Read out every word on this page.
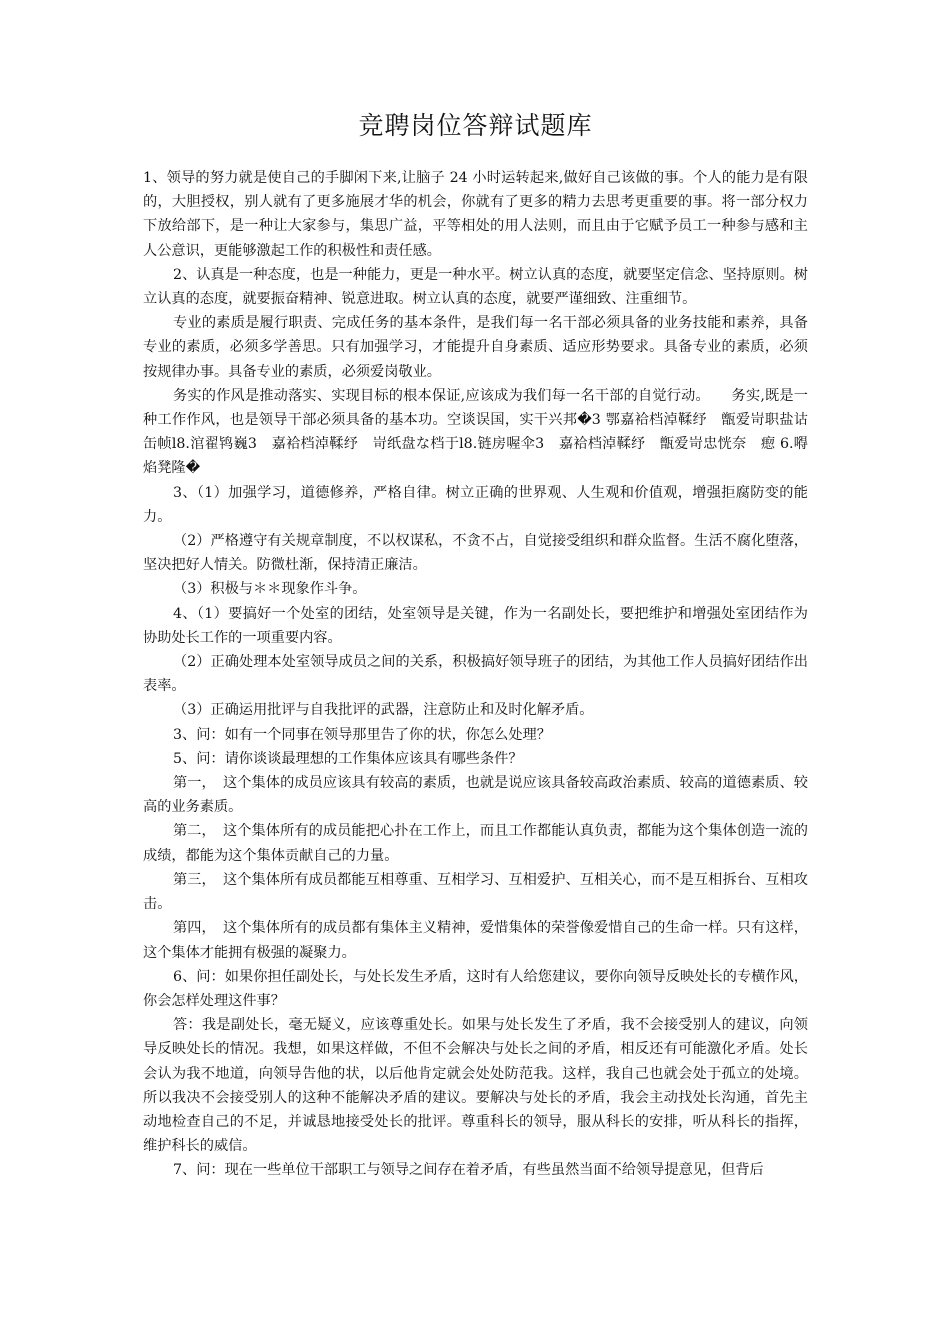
竞聘岗位答辩试题库

1、领导的努力就是使自己的手脚闲下来,让脑子 24 小时运转起来,做好自己该做的事。个人的能力是有限的，大胆授权，别人就有了更多施展才华的机会，你就有了更多的精力去思考更重要的事。将一部分权力下放给部下，是一种让大家参与，集思广益，平等相处的用人法则，而且由于它赋予员工一种参与感和主人公意识，更能够激起工作的积极性和责任感。

2、认真是一种态度，也是一种能力，更是一种水平。树立认真的态度，就要坚定信念、坚持原则。树立认真的态度，就要振奋精神、锐意进取。树立认真的态度，就要严谨细致、注重细节。

专业的素质是履行职责、完成任务的基本条件，是我们每一名干部必须具备的业务技能和素养，具备专业的素质，必须多学善思。只有加强学习，才能提升自身素质、适应形势要求。具备专业的素质，必须按规律办事。具备专业的素质，必须爱岗敬业。

务实的作风是推动落实、实现目标的根本保证,应该成为我们每一名干部的自觉行动。　　务实,既是一种工作作风，也是领导干部必须具备的基本功。空谈误国，实干兴邦�3 鄂嘉袷档淖鞣纾　甑爱岢职盐诂缶帧l8.涫翟鸨巍3　嘉袷档淖鞣纾　岢纸盘な档于l8.链房喔伞3　嘉袷档淖鞣纾　甑爱岢忠恍奈　瘛 6.嘚焰凳隆�

3、（1）加强学习，道德修养，严格自律。树立正确的世界观、人生观和价值观，增强拒腐防变的能力。

（2）严格遵守有关规章制度，不以权谋私，不贪不占，自觉接受组织和群众监督。生活不腐化堕落，坚决把好人情关。防微杜渐，保持清正廉洁。

（3）积极与＊＊现象作斗争。

4、（1）要搞好一个处室的团结，处室领导是关键，作为一名副处长，要把维护和增强处室团结作为协助处长工作的一项重要内容。

（2）正确处理本处室领导成员之间的关系，积极搞好领导班子的团结，为其他工作人员搞好团结作出表率。

（3）正确运用批评与自我批评的武器，注意防止和及时化解矛盾。

3、问：如有一个同事在领导那里告了你的状，你怎么处理？

5、问：请你谈谈最理想的工作集体应该具有哪些条件？

第一，　这个集体的成员应该具有较高的素质，也就是说应该具备较高政治素质、较高的道德素质、较高的业务素质。

第二，　这个集体所有的成员能把心扑在工作上，而且工作都能认真负责，都能为这个集体创造一流的成绩，都能为这个集体贡献自己的力量。

第三，　这个集体所有成员都能互相尊重、互相学习、互相爱护、互相关心，而不是互相拆台、互相攻击。

第四，　这个集体所有的成员都有集体主义精神，爱惜集体的荣誉像爱惜自己的生命一样。只有这样，这个集体才能拥有极强的凝聚力。

6、问：如果你担任副处长，与处长发生矛盾，这时有人给您建议，要你向领导反映处长的专横作风，你会怎样处理这件事？

答：我是副处长，毫无疑义，应该尊重处长。如果与处长发生了矛盾，我不会接受别人的建议，向领导反映处长的情况。我想，如果这样做，不但不会解决与处长之间的矛盾，相反还有可能激化矛盾。处长会认为我不地道，向领导告他的状，以后他肯定就会处处防范我。这样，我自己也就会处于孤立的处境。所以我决不会接受别人的这种不能解决矛盾的建议。要解决与处长的矛盾，我会主动找处长沟通，首先主动地检查自己的不足，并诚恳地接受处长的批评。尊重科长的领导，服从科长的安排，听从科长的指挥，维护科长的威信。

7、问：现在一些单位干部职工与领导之间存在着矛盾，有些虽然当面不给领导提意见，但背后
